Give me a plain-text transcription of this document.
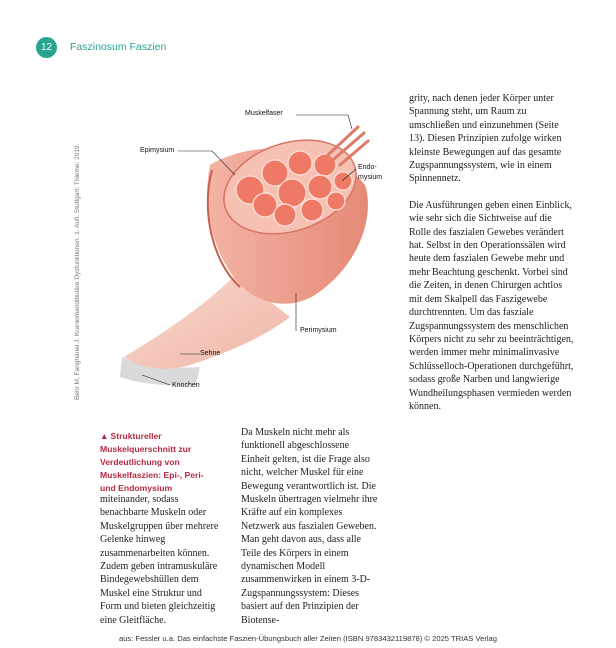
12	Faszinosum Faszien
Behr M, Fanghänel J. Kraniomandibuläre Dysfunktionen. 1. Aufl. Stuttgart: Thieme; 2019.
Muskelfaser
Epimysium
Endo-
mysium
Perimysium
Sehne
Knochen
▲ Struktureller Muskelquerschnitt zur Verdeutlichung von Muskelfaszien: Epi-, Peri- und Endomysium

miteinander, sodass benachbarte Muskeln oder Muskelgruppen über mehrere Gelenke hinweg zusammenarbeiten können. Zudem geben intramuskuläre Bindegewebshüllen dem Muskel eine Struktur und Form und bieten gleichzeitig eine Gleitfläche.

Da Muskeln nicht mehr als funktionell abgeschlossene Einheit gelten, ist die Frage also nicht, welcher Muskel für eine Bewegung verantwortlich ist. Die Muskeln übertragen vielmehr ihre Kräfte auf ein komplexes Netzwerk aus faszialen Geweben. Man geht davon aus, dass alle Teile des Körpers in einem dynamischen Modell zusammenwirken in einem 3-D-Zugspannungssystem: Dieses basiert auf den Prinzipien der Biotense-

grity, nach denen jeder Körper unter Spannung steht, um Raum zu umschließen und einzunehmen (Seite 13). Diesen Prinzipien zufolge wirken kleinste Bewegungen auf das gesamte Zugspannungssystem, wie in einem Spinnennetz.

Die Ausführungen geben einen Einblick, wie sehr sich die Sichtweise auf die Rolle des faszialen Gewebes verändert hat. Selbst in den Operationssälen wird heute dem faszialen Gewebe mehr und mehr Beachtung geschenkt. Vorbei sind die Zeiten, in denen Chirurgen achtlos mit dem Skalpell das Faszigewebe durchtrennten. Um das fasziale Zugspannungssystem des menschlichen Körpers nicht zu sehr zu beeinträchtigen, werden immer mehr minimalinvasive Schlüsselloch-Operationen durchgeführt, sodass große Narben und langwierige Wundheilungsphasen vermieden werden können.

aus: Fessler u.a. Das einfachste Faszien-Übungsbuch aller Zeiten (ISBN 9783432119878) © 2025 TRIAS Verlag
